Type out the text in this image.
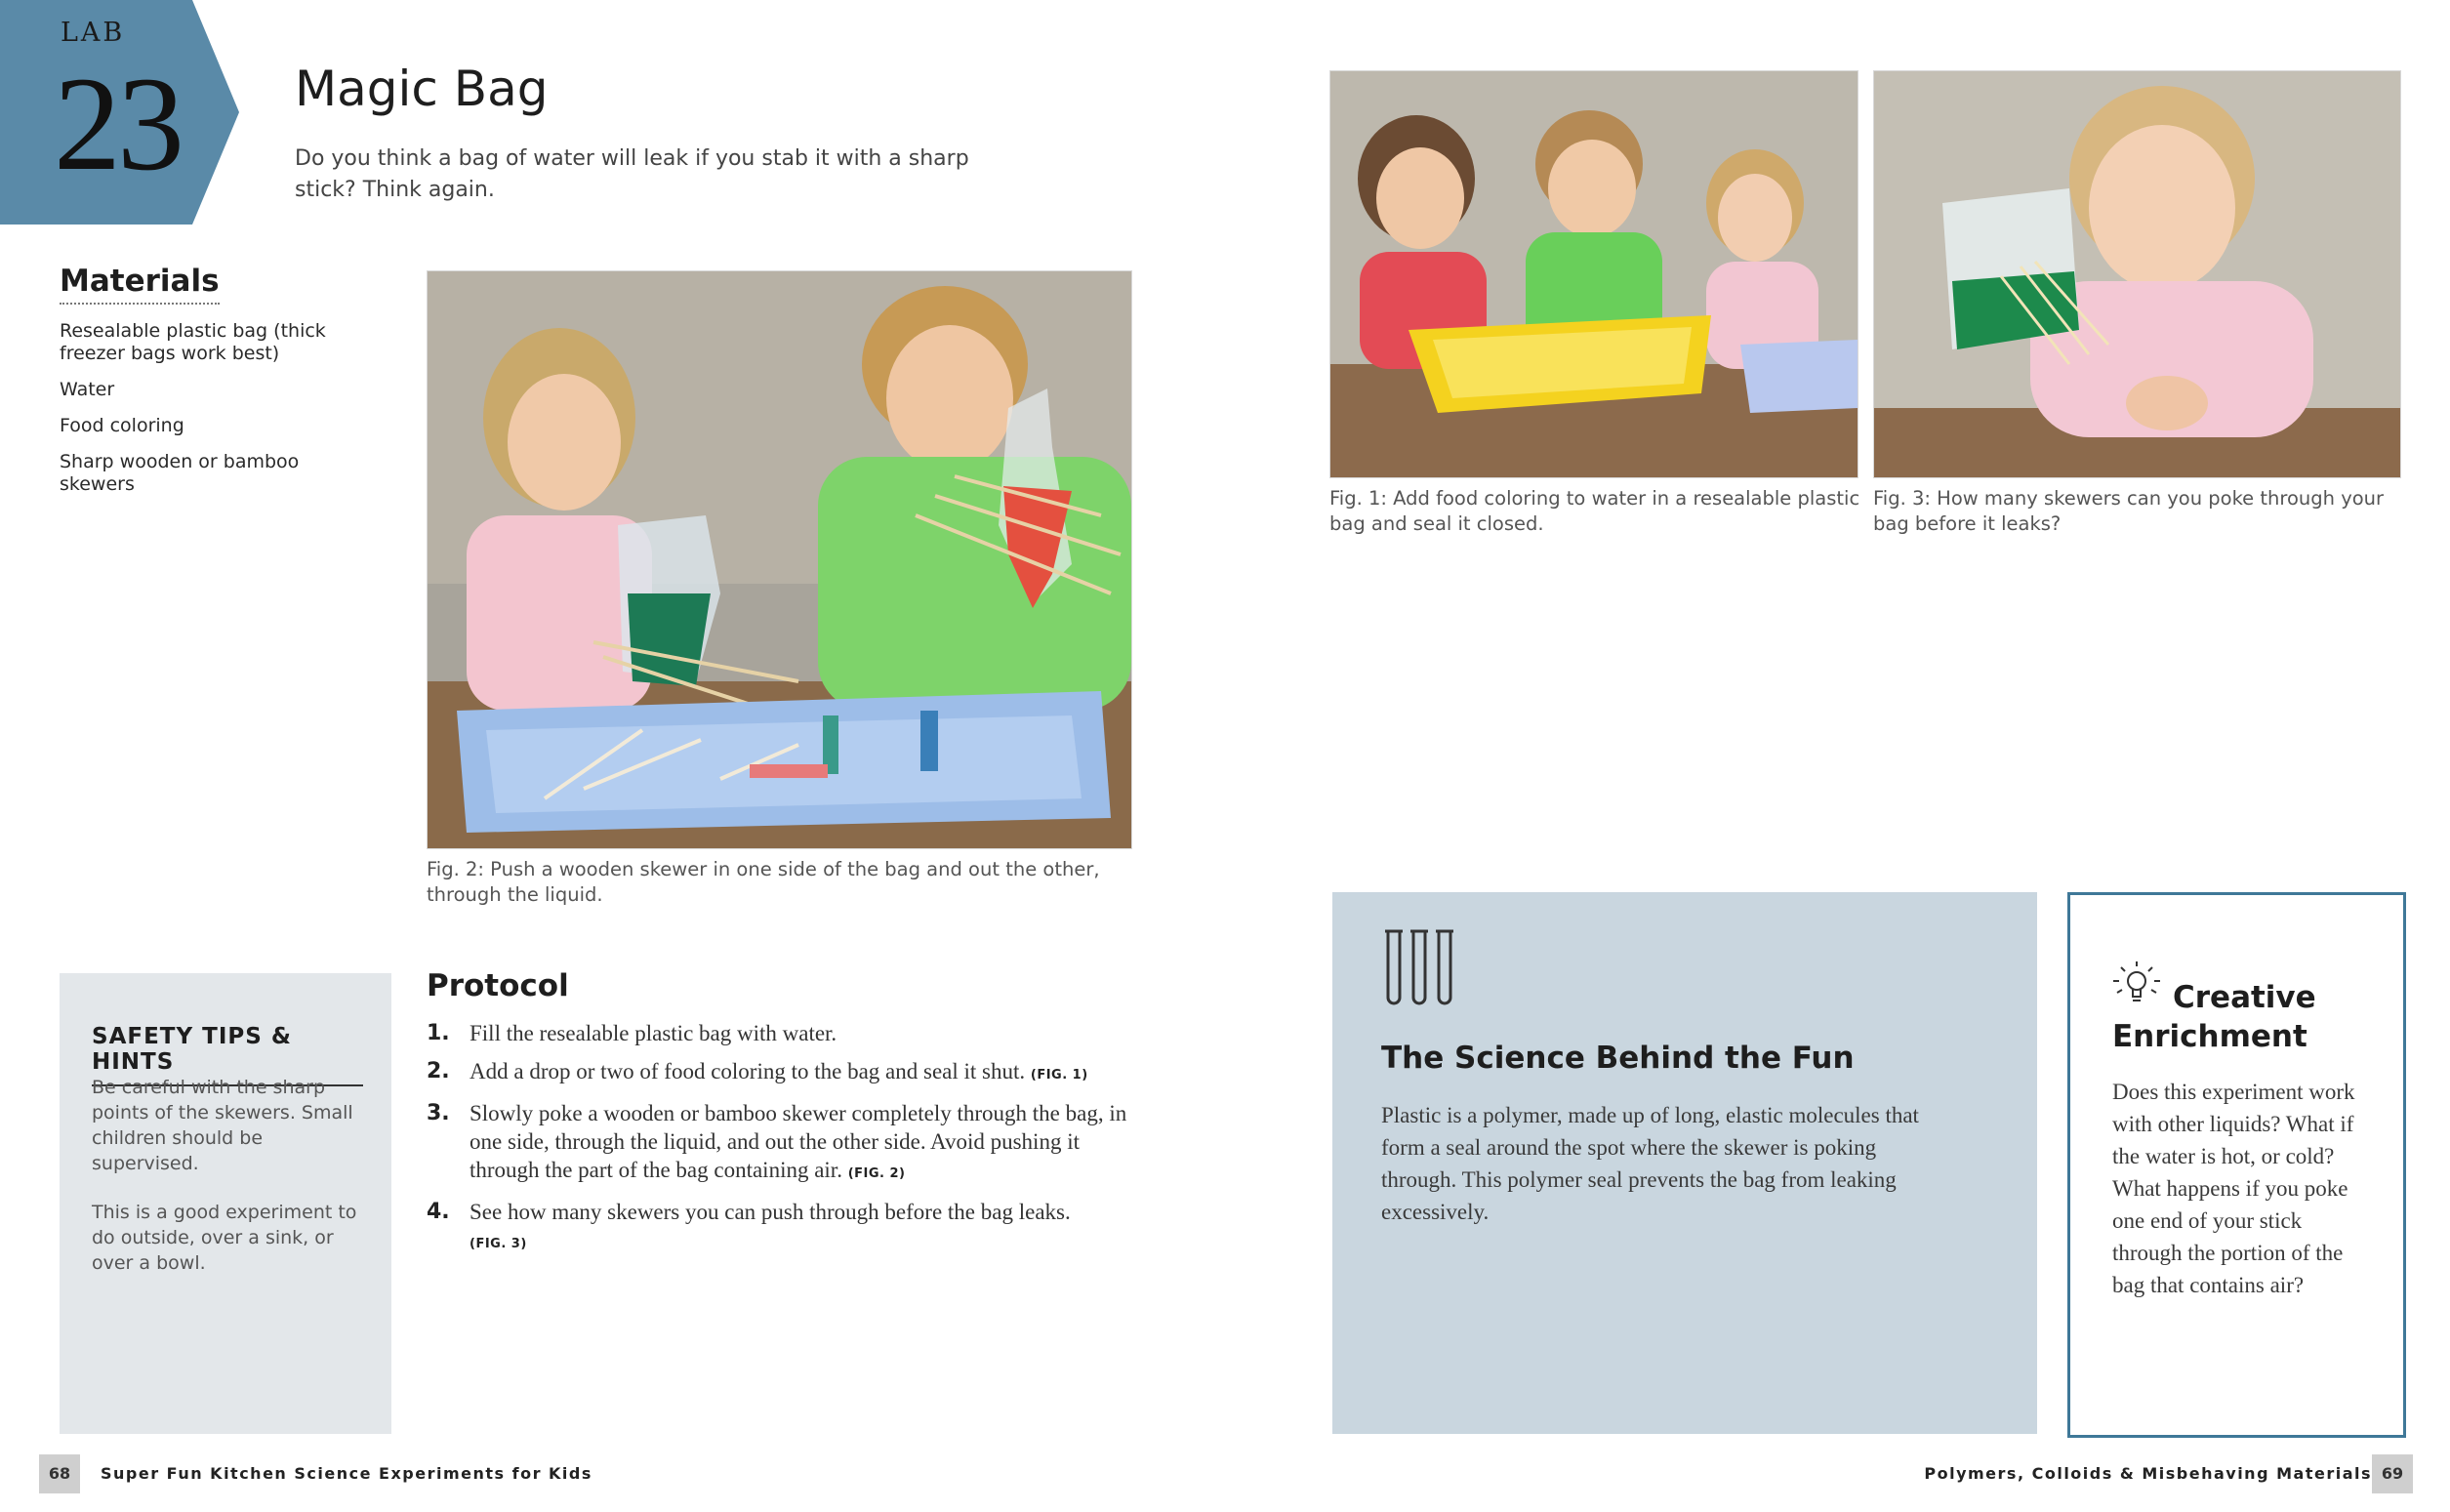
LAB
23 Magic Bag
Do you think a bag of water will leak if you stab it with a sharp stick? Think again.
Materials
Resealable plastic bag (thick freezer bags work best)
Water
Food coloring
Sharp wooden or bamboo skewers
Fig. 2: Push a wooden skewer in one side of the bag and out the other, through the liquid.
Fig. 1: Add food coloring to water in a resealable plastic bag and seal it closed.
Fig. 3: How many skewers can you poke through your bag before it leaks?
SAFETY TIPS & HINTS
Be careful with the sharp points of the skewers. Small children should be supervised.
This is a good experiment to do outside, over a sink, or over a bowl.
Protocol
1. Fill the resealable plastic bag with water.
2. Add a drop or two of food coloring to the bag and seal it shut. (FIG. 1)
3. Slowly poke a wooden or bamboo skewer completely through the bag, in one side, through the liquid, and out the other side. Avoid pushing it through the part of the bag containing air. (FIG. 2)
4. See how many skewers you can push through before the bag leaks.
(FIG. 3)
The Science Behind the Fun
Plastic is a polymer, made up of long, elastic molecules that form a seal around the spot where the skewer is poking through. This polymer seal prevents the bag from leaking excessively.
Creative Enrichment
Does this experiment work with other liquids? What if the water is hot, or cold? What happens if you poke one end of your stick through the portion of the bag that contains air?
68	Super Fun Kitchen Science Experiments for Kids	Polymers, Colloids & Misbehaving Materials 69
